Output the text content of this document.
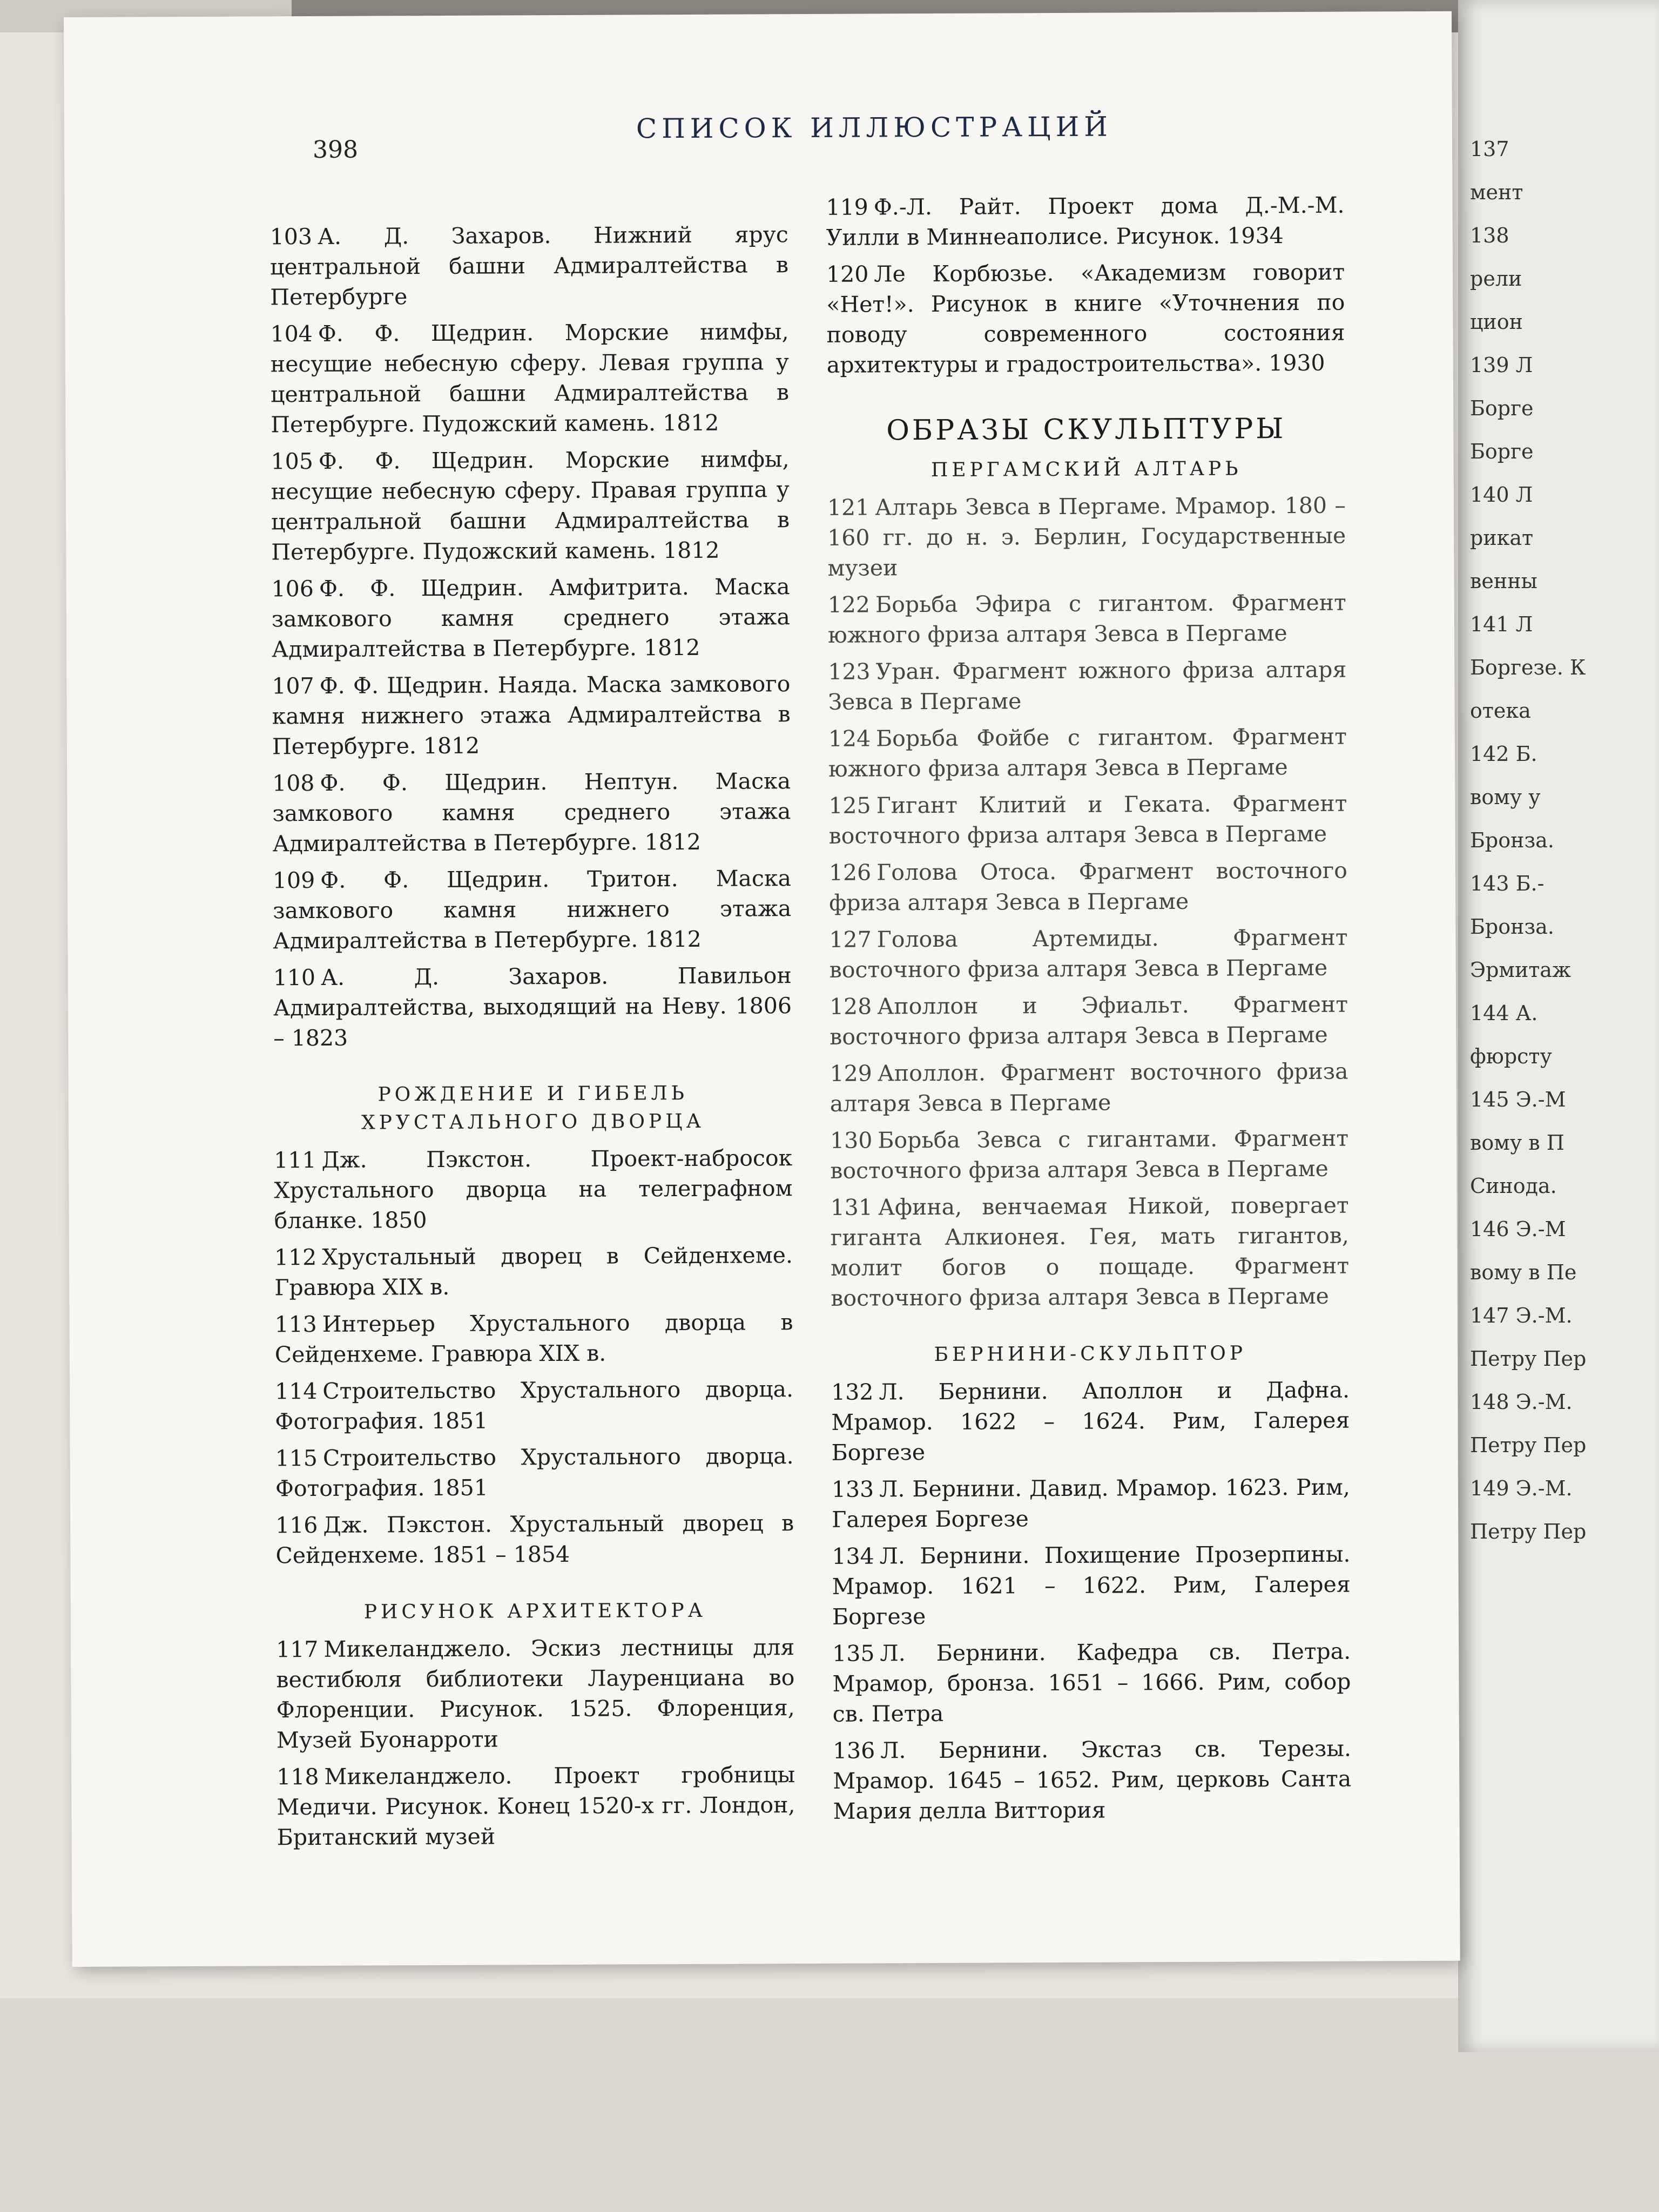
137
мент
138
рели
цион
139 Л
Борге
Борге
140 Л
рикат
венны
141 Л
Боргезе. К
отека
142 Б.
вому у
Бронза.
143 Б.-
Бронза.
Эрмитаж
144 А.
фюрсту
145 Э.-М
вому в П
Синода.
146 Э.-М
вому в Пе
147 Э.-М.
Петру Пер
148 Э.-М.
Петру Пер
149 Э.-М.
Петру Пер
398
СПИСОК ИЛЛЮСТРАЦИЙ
103 А. Д. Захаров. Нижний ярус центральной башни Адмиралтейства в Петербурге
104 Ф. Ф. Щедрин. Морские нимфы, несущие небесную сферу. Левая группа у центральной башни Адмиралтейства в Петербурге. Пудожский камень. 1812
105 Ф. Ф. Щедрин. Морские нимфы, несущие небесную сферу. Правая группа у центральной башни Адмиралтейства в Петербурге. Пудожский камень. 1812
106 Ф. Ф. Щедрин. Амфитрита. Маска замкового камня среднего этажа Адмиралтейства в Петербурге. 1812
107 Ф. Ф. Щедрин. Наяда. Маска замкового камня нижнего этажа Адмиралтейства в Петербурге. 1812
108 Ф. Ф. Щедрин. Нептун. Маска замкового камня среднего этажа Адмиралтейства в Петербурге. 1812
109 Ф. Ф. Щедрин. Тритон. Маска замкового камня нижнего этажа Адмиралтейства в Петербурге. 1812
110 А. Д. Захаров. Павильон Адмиралтейства, выходящий на Неву. 1806 – 1823
РОЖДЕНИЕ И ГИБЕЛЬ
ХРУСТАЛЬНОГО ДВОРЦА
111 Дж. Пэкстон. Проект-набросок Хрустального дворца на телеграфном бланке. 1850
112 Хрустальный дворец в Сейденхеме. Гравюра XIX в.
113 Интерьер Хрустального дворца в Сейденхеме. Гравюра XIX в.
114 Строительство Хрустального дворца. Фотография. 1851
115 Строительство Хрустального дворца. Фотография. 1851
116 Дж. Пэкстон. Хрустальный дворец в Сейденхеме. 1851 – 1854
РИСУНОК АРХИТЕКТОРА
117 Микеланджело. Эскиз лестницы для вестибюля библиотеки Лауренциана во Флоренции. Рисунок. 1525. Флоренция, Музей Буонарроти
118 Микеланджело. Проект гробницы Медичи. Рисунок. Конец 1520-х гг. Лондон, Британский музей
119 Ф.-Л. Райт. Проект дома Д.-М.-М. Уилли в Миннеаполисе. Рисунок. 1934
120 Ле Корбюзье. «Академизм говорит «Нет!». Рисунок в книге «Уточнения по поводу современного состояния архитектуры и градостроительства». 1930
ОБРАЗЫ СКУЛЬПТУРЫ
ПЕРГАМСКИЙ АЛТАРЬ
121 Алтарь Зевса в Пергаме. Мрамор. 180 – 160 гг. до н. э. Берлин, Государственные музеи
122 Борьба Эфира с гигантом. Фрагмент южного фриза алтаря Зевса в Пергаме
123 Уран. Фрагмент южного фриза алтаря Зевса в Пергаме
124 Борьба Фойбе с гигантом. Фрагмент южного фриза алтаря Зевса в Пергаме
125 Гигант Клитий и Геката. Фрагмент восточного фриза алтаря Зевса в Пергаме
126 Голова Отоса. Фрагмент восточного фриза алтаря Зевса в Пергаме
127 Голова Артемиды. Фрагмент восточного фриза алтаря Зевса в Пергаме
128 Аполлон и Эфиальт. Фрагмент восточного фриза алтаря Зевса в Пергаме
129 Аполлон. Фрагмент восточного фриза алтаря Зевса в Пергаме
130 Борьба Зевса с гигантами. Фрагмент восточного фриза алтаря Зевса в Пергаме
131 Афина, венчаемая Никой, повергает гиганта Алкионея. Гея, мать гигантов, молит богов о пощаде. Фрагмент восточного фриза алтаря Зевса в Пергаме
БЕРНИНИ-СКУЛЬПТОР
132 Л. Бернини. Аполлон и Дафна. Мрамор. 1622 – 1624. Рим, Галерея Боргезе
133 Л. Бернини. Давид. Мрамор. 1623. Рим, Галерея Боргезе
134 Л. Бернини. Похищение Прозерпины. Мрамор. 1621 – 1622. Рим, Галерея Боргезе
135 Л. Бернини. Кафедра св. Петра. Мрамор, бронза. 1651 – 1666. Рим, собор св. Петра
136 Л. Бернини. Экстаз св. Терезы. Мрамор. 1645 – 1652. Рим, церковь Санта Мария делла Виттория
